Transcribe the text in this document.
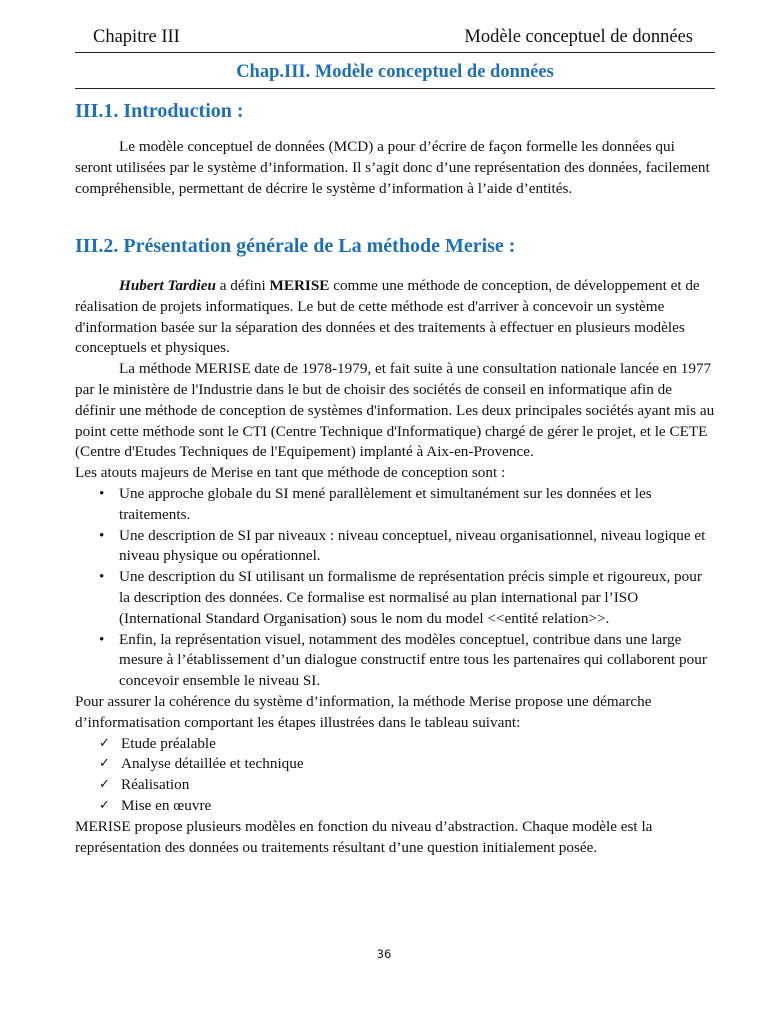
Chapitre III	Modèle conceptuel de données
Chap.III. Modèle conceptuel de données
III.1. Introduction :

Le modèle conceptuel de données (MCD) a pour d’écrire de façon formelle les données qui seront utilisées par le système d’information. Il s’agit donc d’une représentation des données, facilement compréhensible, permettant de décrire le système d’information à l’aide d’entités.

III.2. Présentation générale de La méthode Merise :

Hubert Tardieu a défini MERISE comme une méthode de conception, de développement et de réalisation de projets informatiques. Le but de cette méthode est d'arriver à concevoir un système d'information basée sur la séparation des données et des traitements à effectuer en plusieurs modèles conceptuels et physiques.

La méthode MERISE date de 1978-1979, et fait suite à une consultation nationale lancée en 1977 par le ministère de l'Industrie dans le but de choisir des sociétés de conseil en informatique afin de définir une méthode de conception de systèmes d'information. Les deux principales sociétés ayant mis au point cette méthode sont le CTI (Centre Technique d'Informatique) chargé de gérer le projet, et le CETE (Centre d'Etudes Techniques de l'Equipement) implanté à Aix-en-Provence.

Les atouts majeurs de Merise en tant que méthode de conception sont :

• Une approche globale du SI mené parallèlement et simultanément sur les données et les traitements.
• Une description de SI par niveaux : niveau conceptuel, niveau organisationnel, niveau logique et niveau physique ou opérationnel.
• Une description du SI utilisant un formalisme de représentation précis simple et rigoureux, pour la description des données. Ce formalise est normalisé au plan international par l’ISO (International Standard Organisation) sous le nom du model <<entité relation>>.
• Enfin, la représentation visuel, notamment des modèles conceptuel, contribue dans une large mesure à l’établissement d’un dialogue constructif entre tous les partenaires qui collaborent pour concevoir ensemble le niveau SI.

Pour assurer la cohérence du système d’information, la méthode Merise propose une démarche d’informatisation comportant les étapes illustrées dans le tableau suivant:

✓ Etude préalable
✓ Analyse détaillée et technique
✓ Réalisation
✓ Mise en œuvre

MERISE propose plusieurs modèles en fonction du niveau d’abstraction. Chaque modèle est la représentation des données ou traitements résultant d’une question initialement posée.

36
